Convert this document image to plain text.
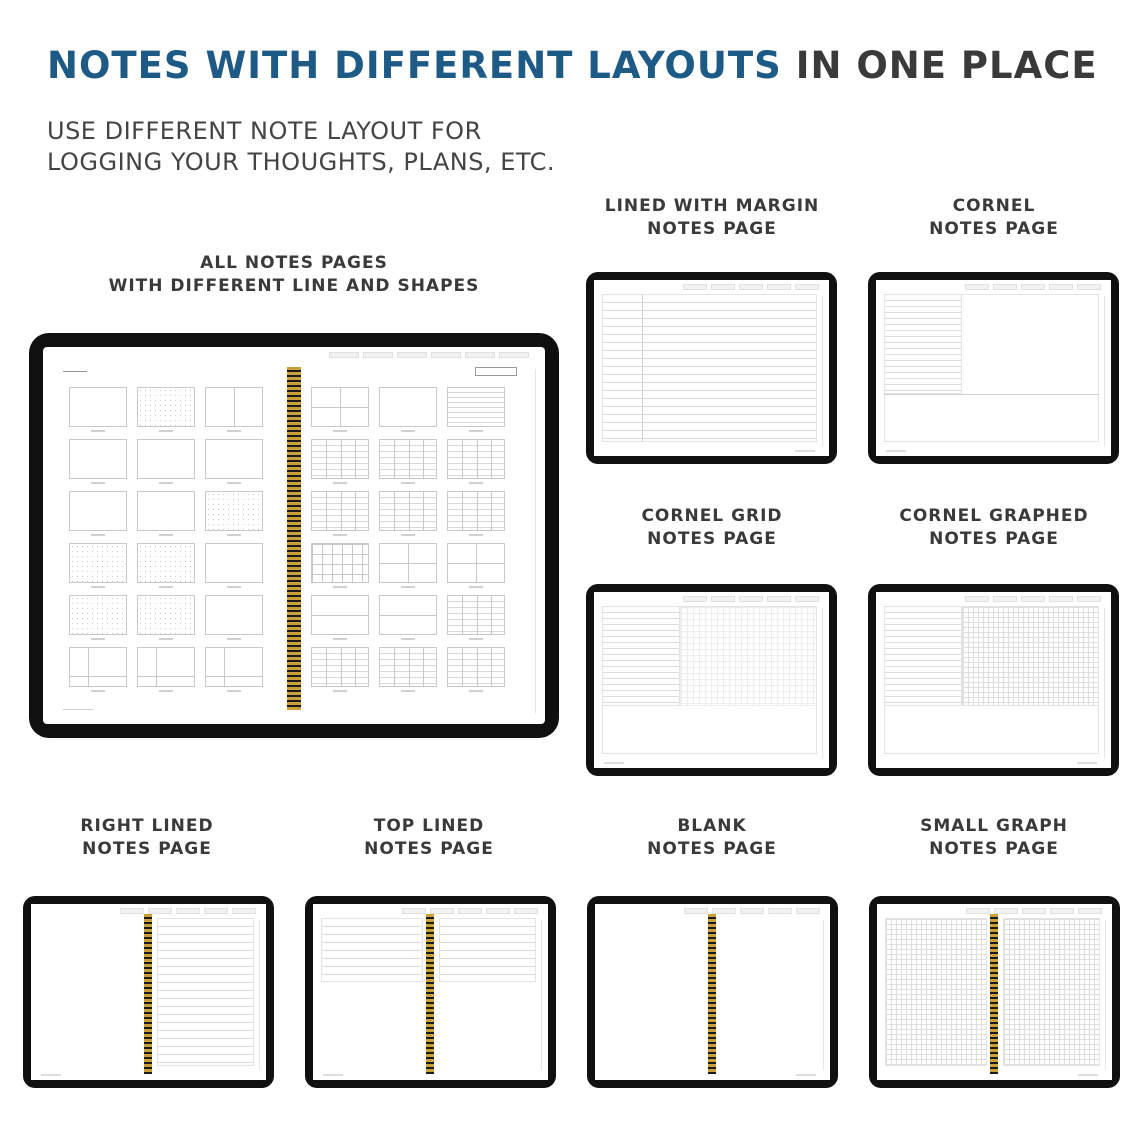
NOTES WITH DIFFERENT LAYOUTS IN ONE PLACE
USE DIFFERENT NOTE LAYOUT FOR
LOGGING YOUR THOUGHTS, PLANS, ETC.
ALL NOTES PAGES
WITH DIFFERENT LINE AND SHAPES
LINED WITH MARGIN
NOTES PAGE
CORNEL
NOTES PAGE
CORNEL GRID
NOTES PAGE
CORNEL GRAPHED
NOTES PAGE
RIGHT LINED
NOTES PAGE
TOP LINED
NOTES PAGE
BLANK
NOTES PAGE
SMALL GRAPH
NOTES PAGE
